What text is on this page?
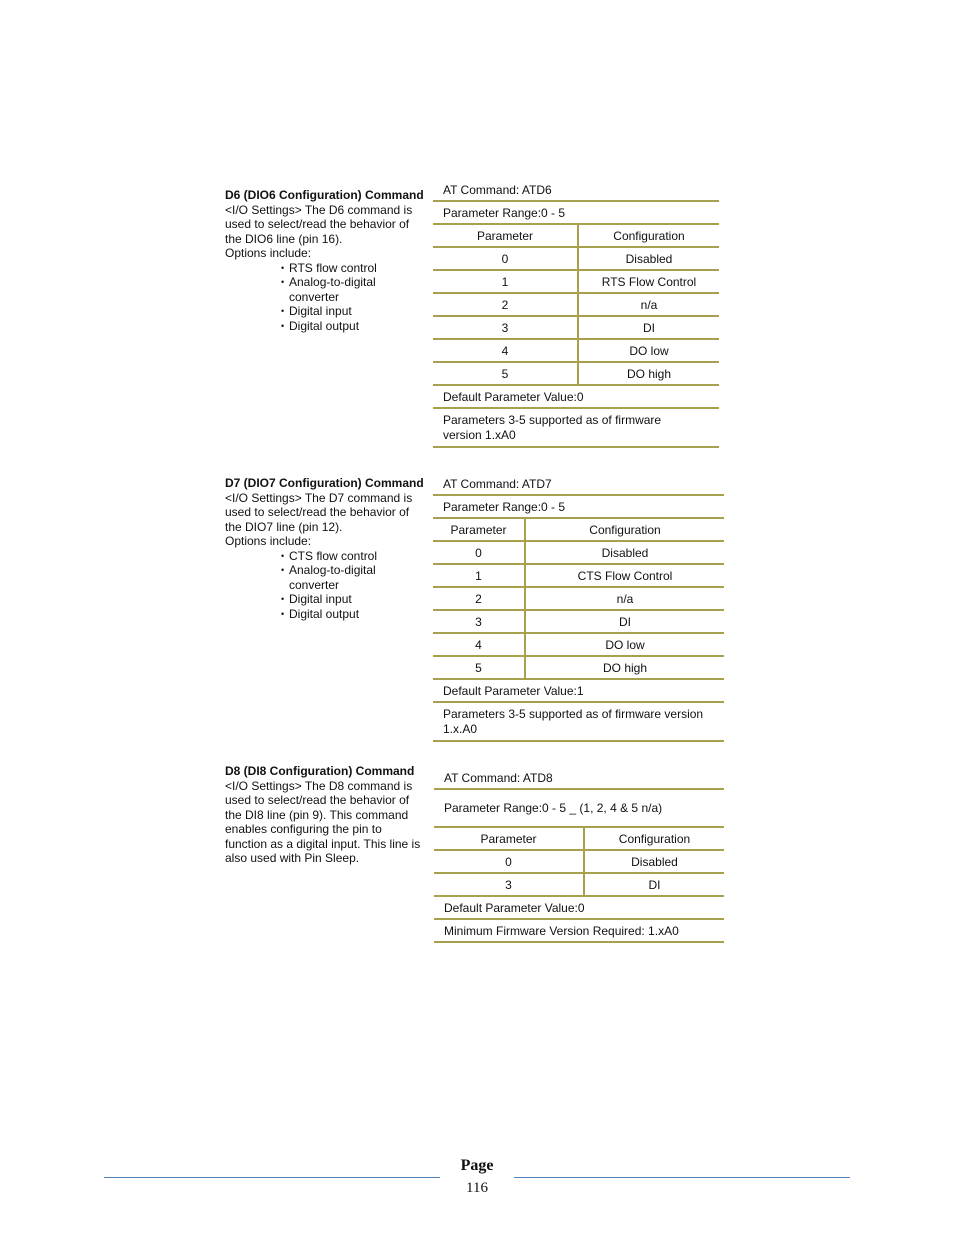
D6 (DIO6 Configuration) Command
<I/O Settings> The D6 command is used to select/read the behavior of the DIO6 line (pin 16).
Options include:
• RTS flow control
• Analog-to-digital converter
• Digital input
• Digital output
AT Command: ATD6
Parameter Range:0 - 5
Parameter	Configuration
0	Disabled
1	RTS Flow Control
2	n/a
3	DI
4	DO low
5	DO high
Default Parameter Value:0
Parameters 3-5 supported as of firmware version 1.xA0
D7 (DIO7 Configuration) Command
<I/O Settings> The D7 command is used to select/read the behavior of the DIO7 line (pin 12).
Options include:
• CTS flow control
• Analog-to-digital converter
• Digital input
• Digital output
AT Command: ATD7
Parameter Range:0 - 5
Parameter	Configuration
0	Disabled
1	CTS Flow Control
2	n/a
3	DI
4	DO low
5	DO high
Default Parameter Value:1
Parameters 3-5 supported as of firmware version 1.x.A0
D8 (DI8 Configuration) Command
<I/O Settings> The D8 command is used to select/read the behavior of the DI8 line (pin 9). This command enables configuring the pin to function as a digital input. This line is also used with Pin Sleep.
AT Command: ATD8
Parameter Range:0 - 5 _ (1, 2, 4 & 5 n/a)
Parameter	Configuration
0	Disabled
3	DI
Default Parameter Value:0
Minimum Firmware Version Required: 1.xA0
Page
116
